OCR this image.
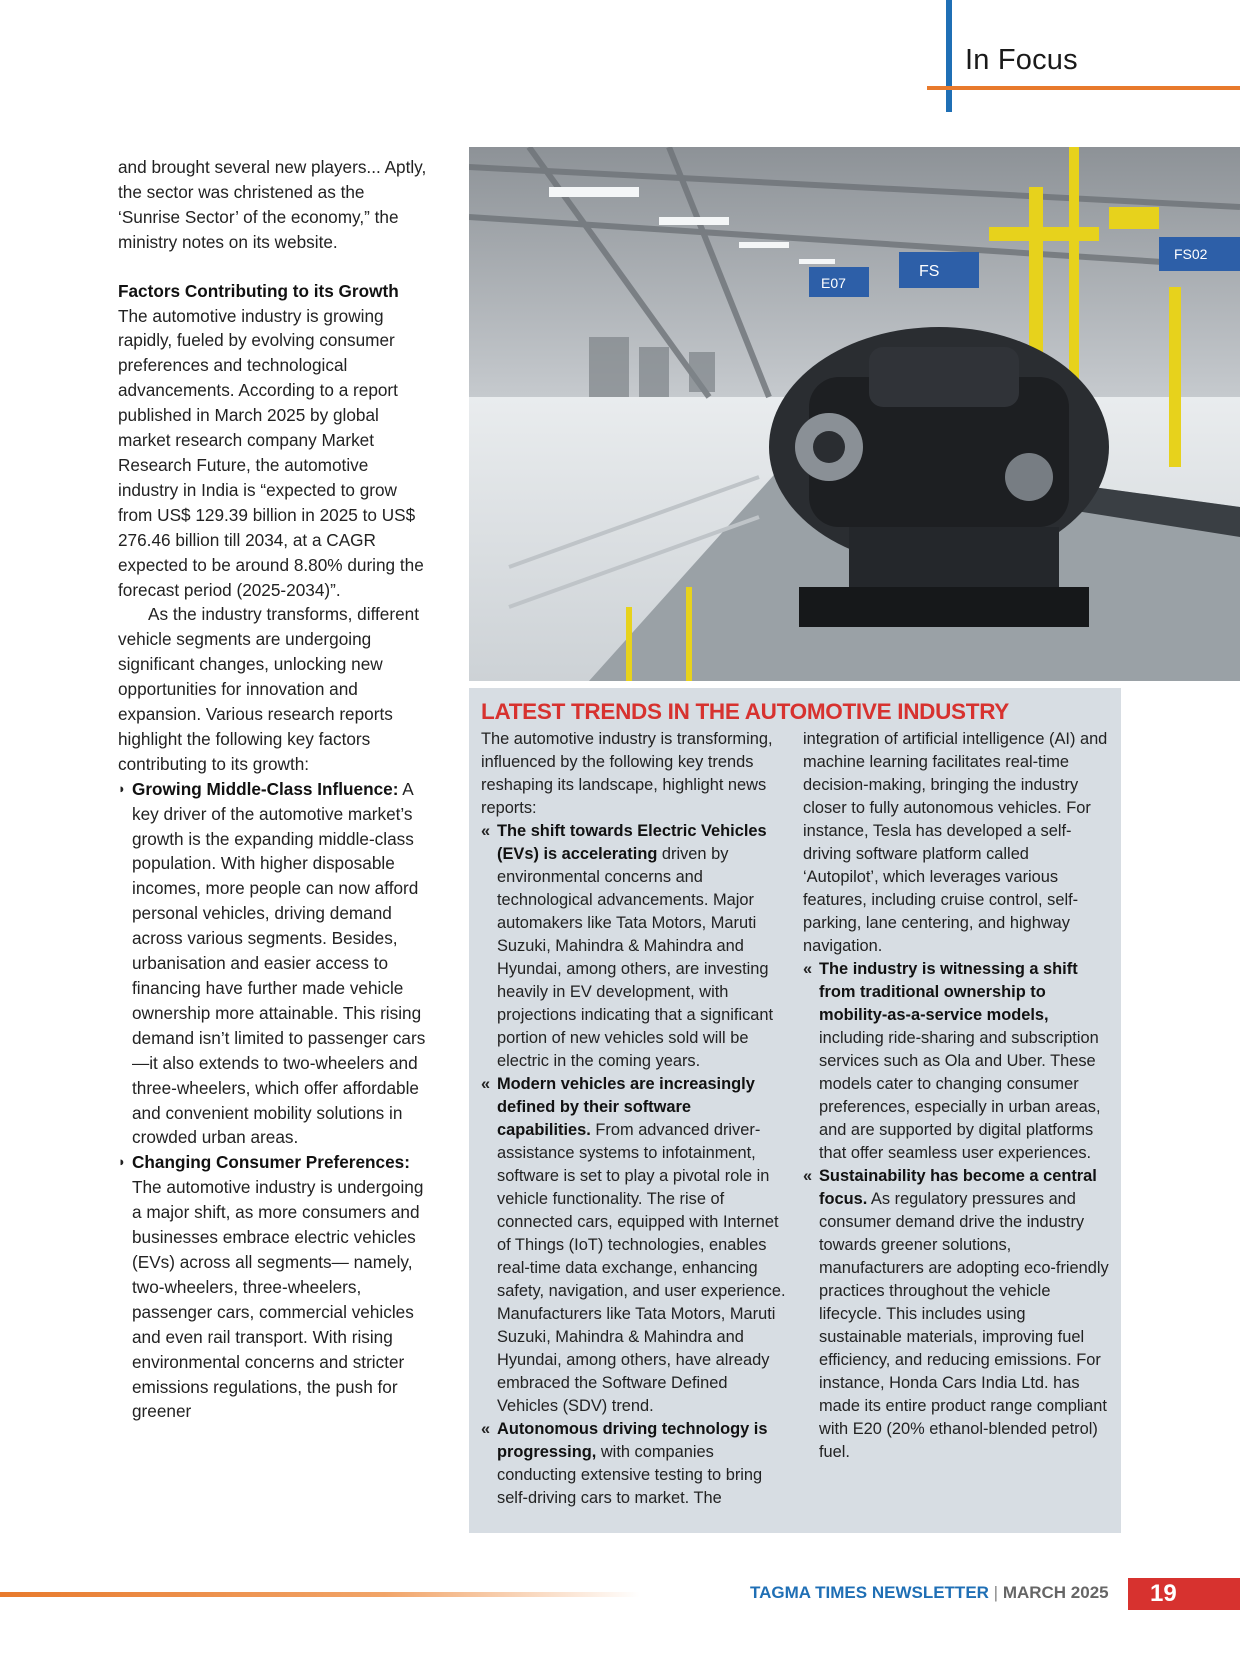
In Focus

and brought several new players... Aptly, the sector was christened as the ‘Sunrise Sector’ of the economy,” the ministry notes on its website.

Factors Contributing to its Growth

The automotive industry is growing rapidly, fueled by evolving consumer preferences and technological advancements. According to a report published in March 2025 by global market research company Market Research Future, the automotive industry in India is “expected to grow from US$ 129.39 billion in 2025 to US$ 276.46 billion till 2034, at a CAGR expected to be around 8.80% during the forecast period (2025-2034)”.

As the industry transforms, different vehicle segments are undergoing significant changes, unlocking new opportunities for innovation and expansion. Various research reports highlight the following key factors contributing to its growth:

◗ Growing Middle-Class Influence: A key driver of the automotive market’s growth is the expanding middle-class population. With higher disposable incomes, more people can now afford personal vehicles, driving demand across various segments. Besides, urbanisation and easier access to financing have further made vehicle ownership more attainable. This rising demand isn’t limited to passenger cars—it also extends to two-wheelers and three-wheelers, which offer affordable and convenient mobility solutions in crowded urban areas.

◗ Changing Consumer Preferences: The automotive industry is undergoing a major shift, as more consumers and businesses embrace electric vehicles (EVs) across all segments— namely, two-wheelers, three-wheelers, passenger cars, commercial vehicles and even rail transport. With rising environmental concerns and stricter emissions regulations, the push for greener

E07
FS
FS02
LATEST TRENDS IN THE AUTOMOTIVE INDUSTRY

The automotive industry is transforming, influenced by the following key trends reshaping its landscape, highlight news reports:

« The shift towards Electric Vehicles (EVs) is accelerating driven by environmental concerns and technological advancements. Major automakers like Tata Motors, Maruti Suzuki, Mahindra & Mahindra and Hyundai, among others, are investing heavily in EV development, with projections indicating that a significant portion of new vehicles sold will be electric in the coming years.

« Modern vehicles are increasingly defined by their software capabilities. From advanced driver-assistance systems to infotainment, software is set to play a pivotal role in vehicle functionality. The rise of connected cars, equipped with Internet of Things (IoT) technologies, enables real-time data exchange, enhancing safety, navigation, and user experience. Manufacturers like Tata Motors, Maruti Suzuki, Mahindra & Mahindra and Hyundai, among others, have already embraced the Software Defined Vehicles (SDV) trend.

« Autonomous driving technology is progressing, with companies conducting extensive testing to bring self-driving cars to market. The

integration of artificial intelligence (AI) and machine learning facilitates real-time decision-making, bringing the industry closer to fully autonomous vehicles. For instance, Tesla has developed a self-driving software platform called ‘Autopilot’, which leverages various features, including cruise control, self-parking, lane centering, and highway navigation.

« The industry is witnessing a shift from traditional ownership to mobility-as-a-service models, including ride-sharing and subscription services such as Ola and Uber. These models cater to changing consumer preferences, especially in urban areas, and are supported by digital platforms that offer seamless user experiences.

« Sustainability has become a central focus. As regulatory pressures and consumer demand drive the industry towards greener solutions, manufacturers are adopting eco-friendly practices throughout the vehicle lifecycle. This includes using sustainable materials, improving fuel efficiency, and reducing emissions. For instance, Honda Cars India Ltd. has made its entire product range compliant with E20 (20% ethanol-blended petrol) fuel.

TAGMA TIMES NEWSLETTER | MARCH 2025	19
